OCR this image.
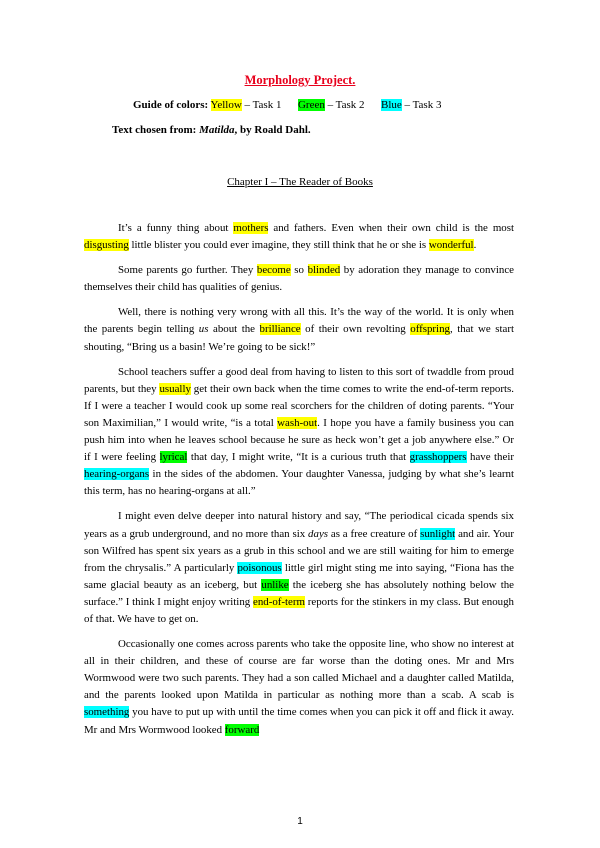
Morphology Project.
Guide of colors: Yellow – Task 1 Green – Task 2 Blue – Task 3
Text chosen from: Matilda, by Roald Dahl.
Chapter I – The Reader of Books

It’s a funny thing about mothers and fathers. Even when their own child is the most disgusting little blister you could ever imagine, they still think that he or she is wonderful.

Some parents go further. They become so blinded by adoration they manage to convince themselves their child has qualities of genius.

Well, there is nothing very wrong with all this. It’s the way of the world. It is only when the parents begin telling us about the brilliance of their own revolting offspring, that we start shouting, “Bring us a basin! We’re going to be sick!”

School teachers suffer a good deal from having to listen to this sort of twaddle from proud parents, but they usually get their own back when the time comes to write the end-of-term reports. If I were a teacher I would cook up some real scorchers for the children of doting parents. “Your son Maximilian,” I would write, “is a total wash-out. I hope you have a family business you can push him into when he leaves school because he sure as heck won’t get a job anywhere else.” Or if I were feeling lyrical that day, I might write, “It is a curious truth that grasshoppers have their hearing-organs in the sides of the abdomen. Your daughter Vanessa, judging by what she’s learnt this term, has no hearing-organs at all.”

I might even delve deeper into natural history and say, “The periodical cicada spends six years as a grub underground, and no more than six days as a free creature of sunlight and air. Your son Wilfred has spent six years as a grub in this school and we are still waiting for him to emerge from the chrysalis.” A particularly poisonous little girl might sting me into saying, “Fiona has the same glacial beauty as an iceberg, but unlike the iceberg she has absolutely nothing below the surface.” I think I might enjoy writing end-of-term reports for the stinkers in my class. But enough of that. We have to get on.

Occasionally one comes across parents who take the opposite line, who show no interest at all in their children, and these of course are far worse than the doting ones. Mr and Mrs Wormwood were two such parents. They had a son called Michael and a daughter called Matilda, and the parents looked upon Matilda in particular as nothing more than a scab. A scab is something you have to put up with until the time comes when you can pick it off and flick it away. Mr and Mrs Wormwood looked forward

1
